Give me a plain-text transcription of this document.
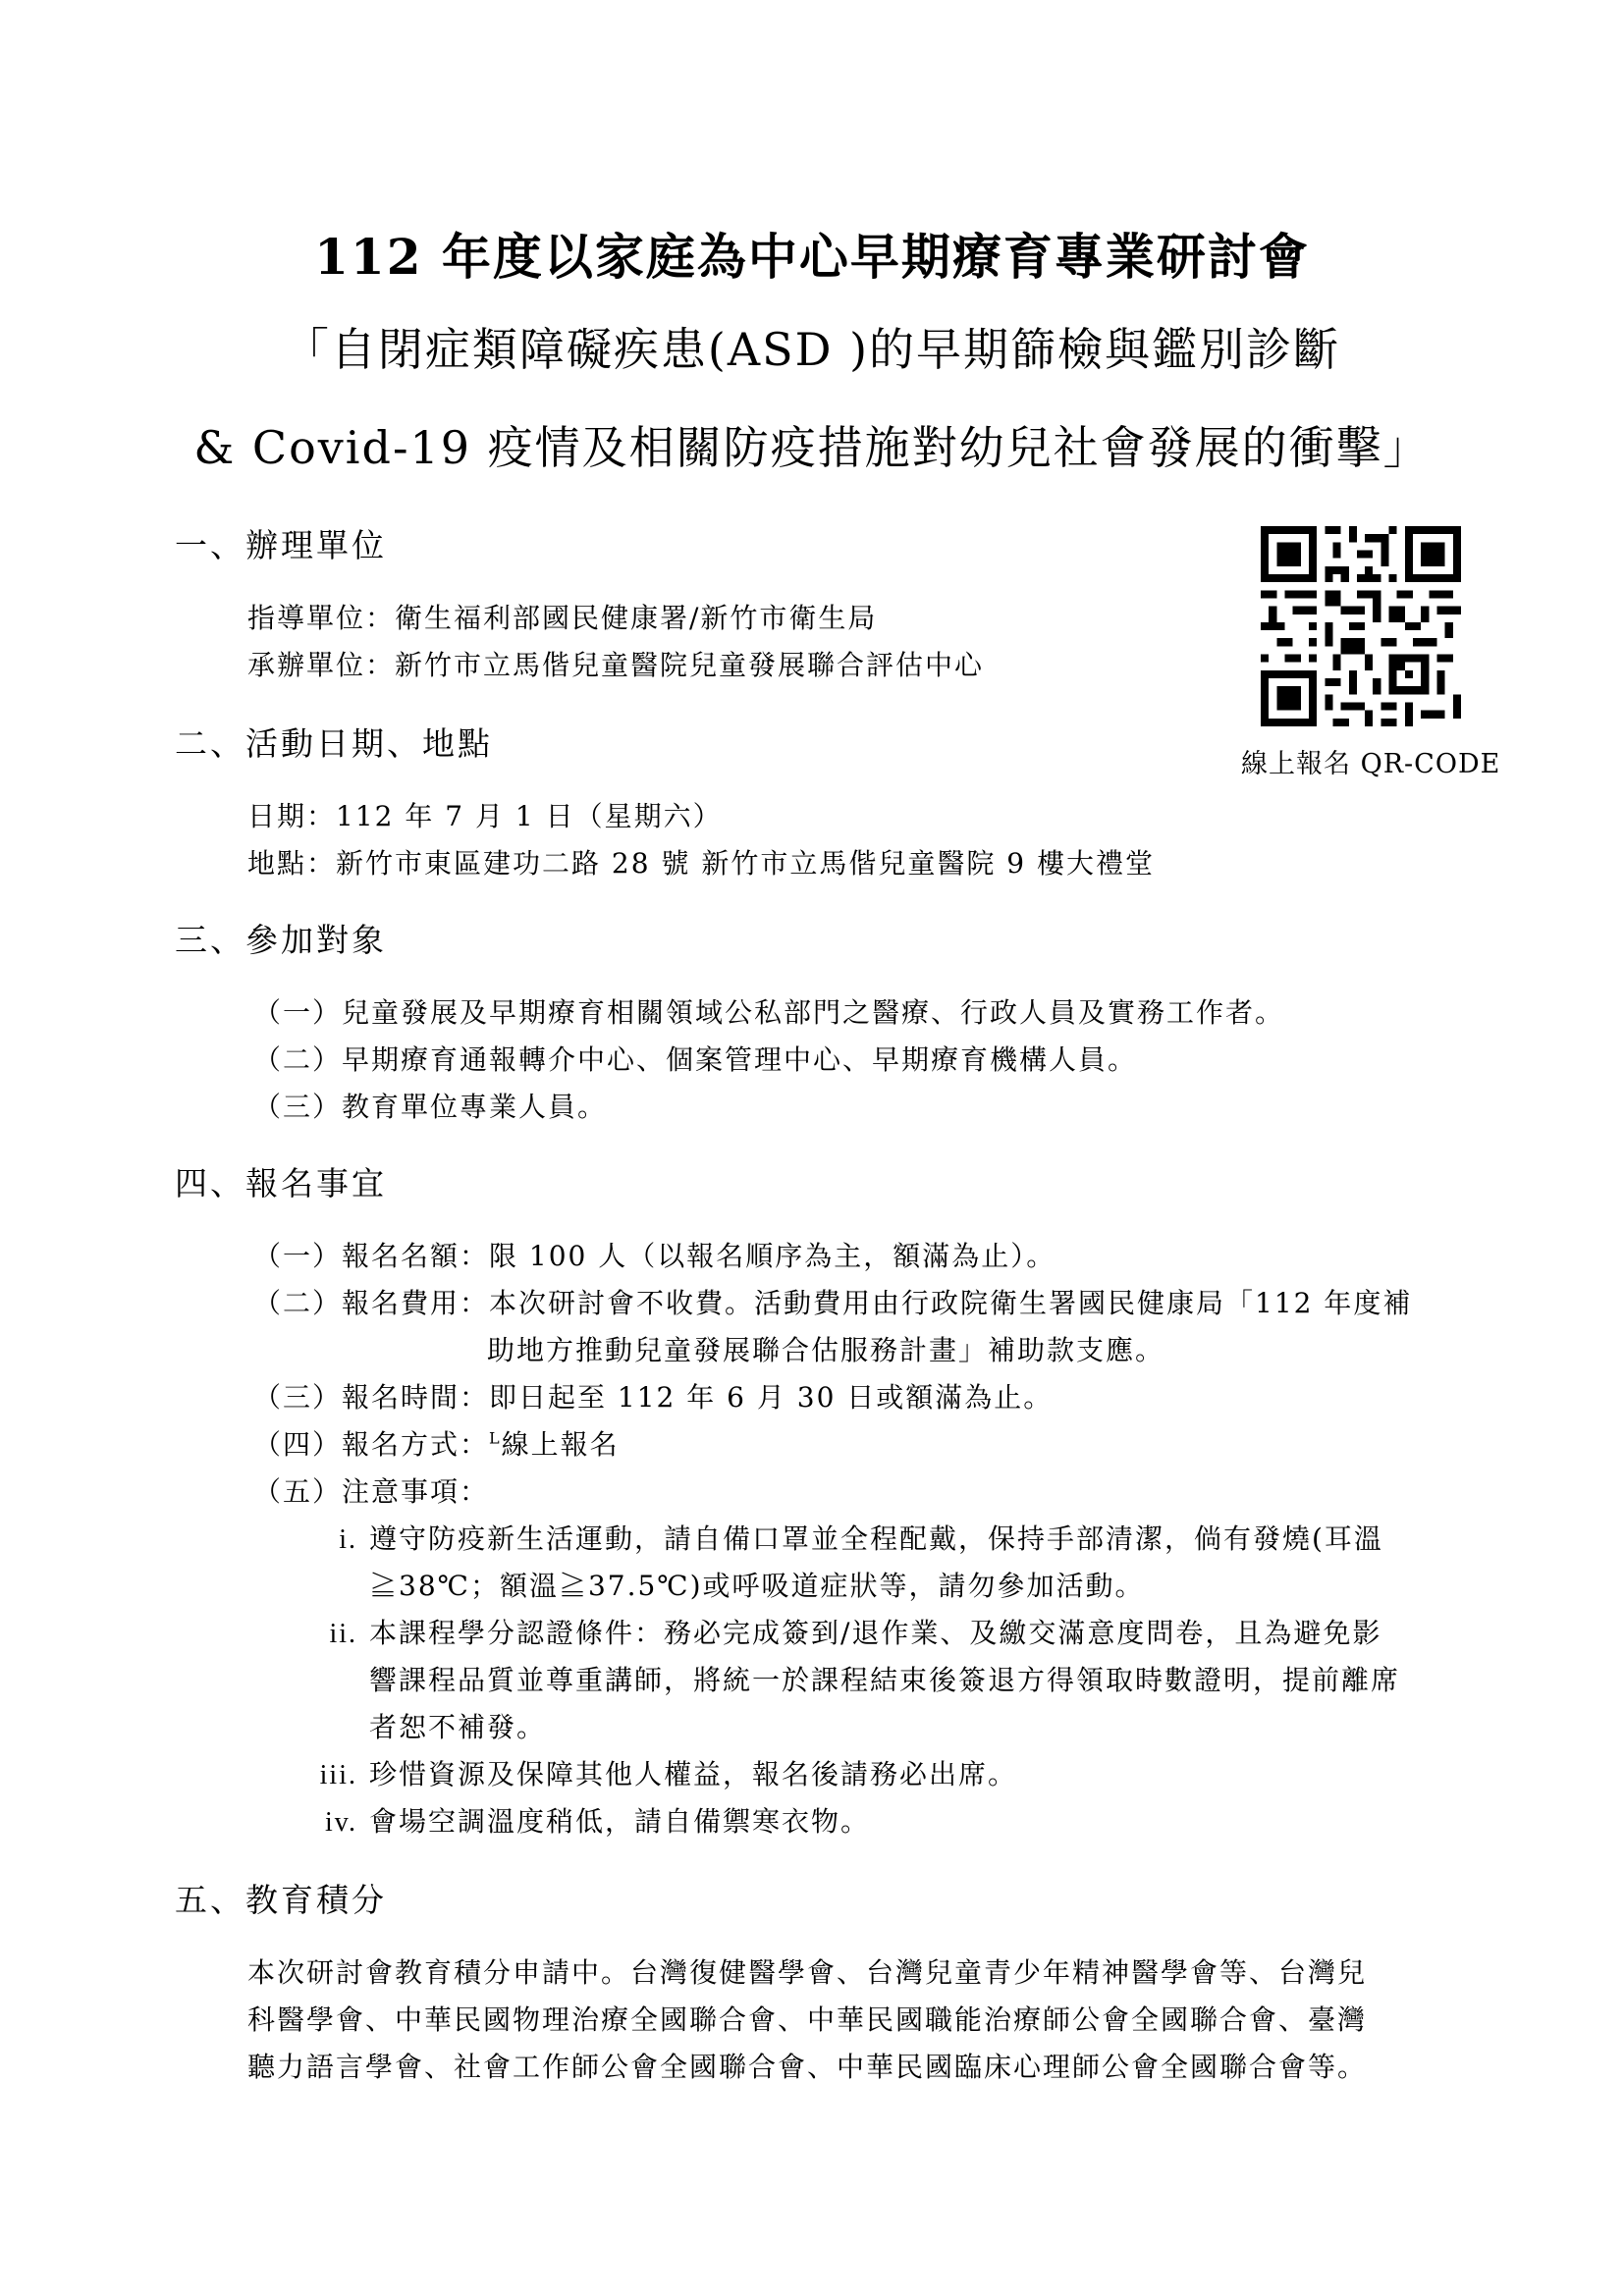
112 年度以家庭為中心早期療育專業研討會
「自閉症類障礙疾患(ASD )的早期篩檢與鑑別診斷
& Covid-19 疫情及相關防疫措施對幼兒社會發展的衝擊」
一、辦理單位
指導單位：衛生福利部國民健康署/新竹市衛生局
承辦單位：新竹市立馬偕兒童醫院兒童發展聯合評估中心
線上報名 QR-CODE
二、活動日期、地點
日期：112 年 7 月 1 日（星期六）
地點：新竹市東區建功二路 28 號 新竹市立馬偕兒童醫院 9 樓大禮堂
三、參加對象
（一）兒童發展及早期療育相關領域公私部門之醫療、行政人員及實務工作者。
（二）早期療育通報轉介中心、個案管理中心、早期療育機構人員。
（三）教育單位專業人員。
四、報名事宜
（一）報名名額：限 100 人（以報名順序為主，額滿為止）。
（二）報名費用：本次研討會不收費。活動費用由行政院衛生署國民健康局「112 年度補
助地方推動兒童發展聯合估服務計畫」補助款支應。
（三）報名時間：即日起至 112 年 6 月 30 日或額滿為止。
（四）報名方式：$^L$線上報名
（五）注意事項：
i. 遵守防疫新生活運動，請自備口罩並全程配戴，保持手部清潔，倘有發燒(耳溫
≧38℃；額溫≧37.5℃)或呼吸道症狀等，請勿參加活動。
ii. 本課程學分認證條件：務必完成簽到/退作業、及繳交滿意度問卷，且為避免影
響課程品質並尊重講師，將統一於課程結束後簽退方得領取時數證明，提前離席
者恕不補發。
iii. 珍惜資源及保障其他人權益，報名後請務必出席。
iv. 會場空調溫度稍低，請自備禦寒衣物。
五、教育積分
本次研討會教育積分申請中。台灣復健醫學會、台灣兒童青少年精神醫學會等、台灣兒
科醫學會、中華民國物理治療全國聯合會、中華民國職能治療師公會全國聯合會、臺灣
聽力語言學會、社會工作師公會全國聯合會、中華民國臨床心理師公會全國聯合會等。
